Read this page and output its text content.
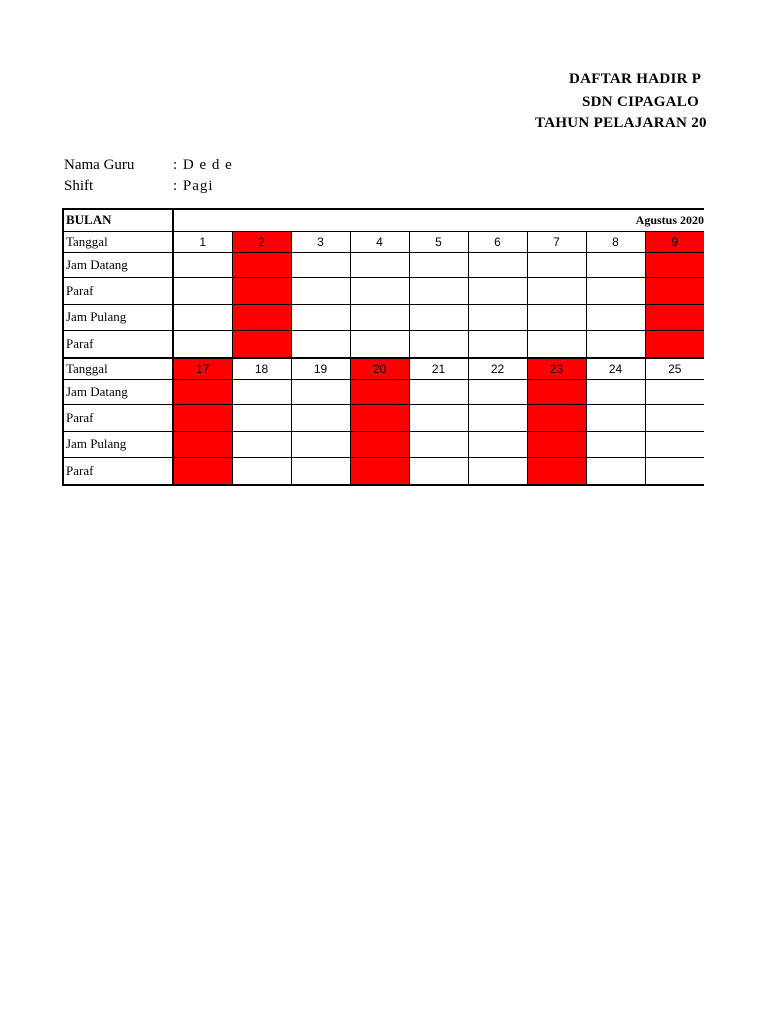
DAFTAR HADIR P
SDN CIPAGALO
TAHUN PELAJARAN 20
Nama Guru	: D e d e
Shift	: Pagi
BULAN	Agustus 2020								
Tanggal	1	2	3	4	5	6	7	8	9
Jam Datang									
Paraf									
Jam Pulang									
Paraf									
Tanggal	17	18	19	20	21	22	23	24	25
Jam Datang									
Paraf									
Jam Pulang									
Paraf									
